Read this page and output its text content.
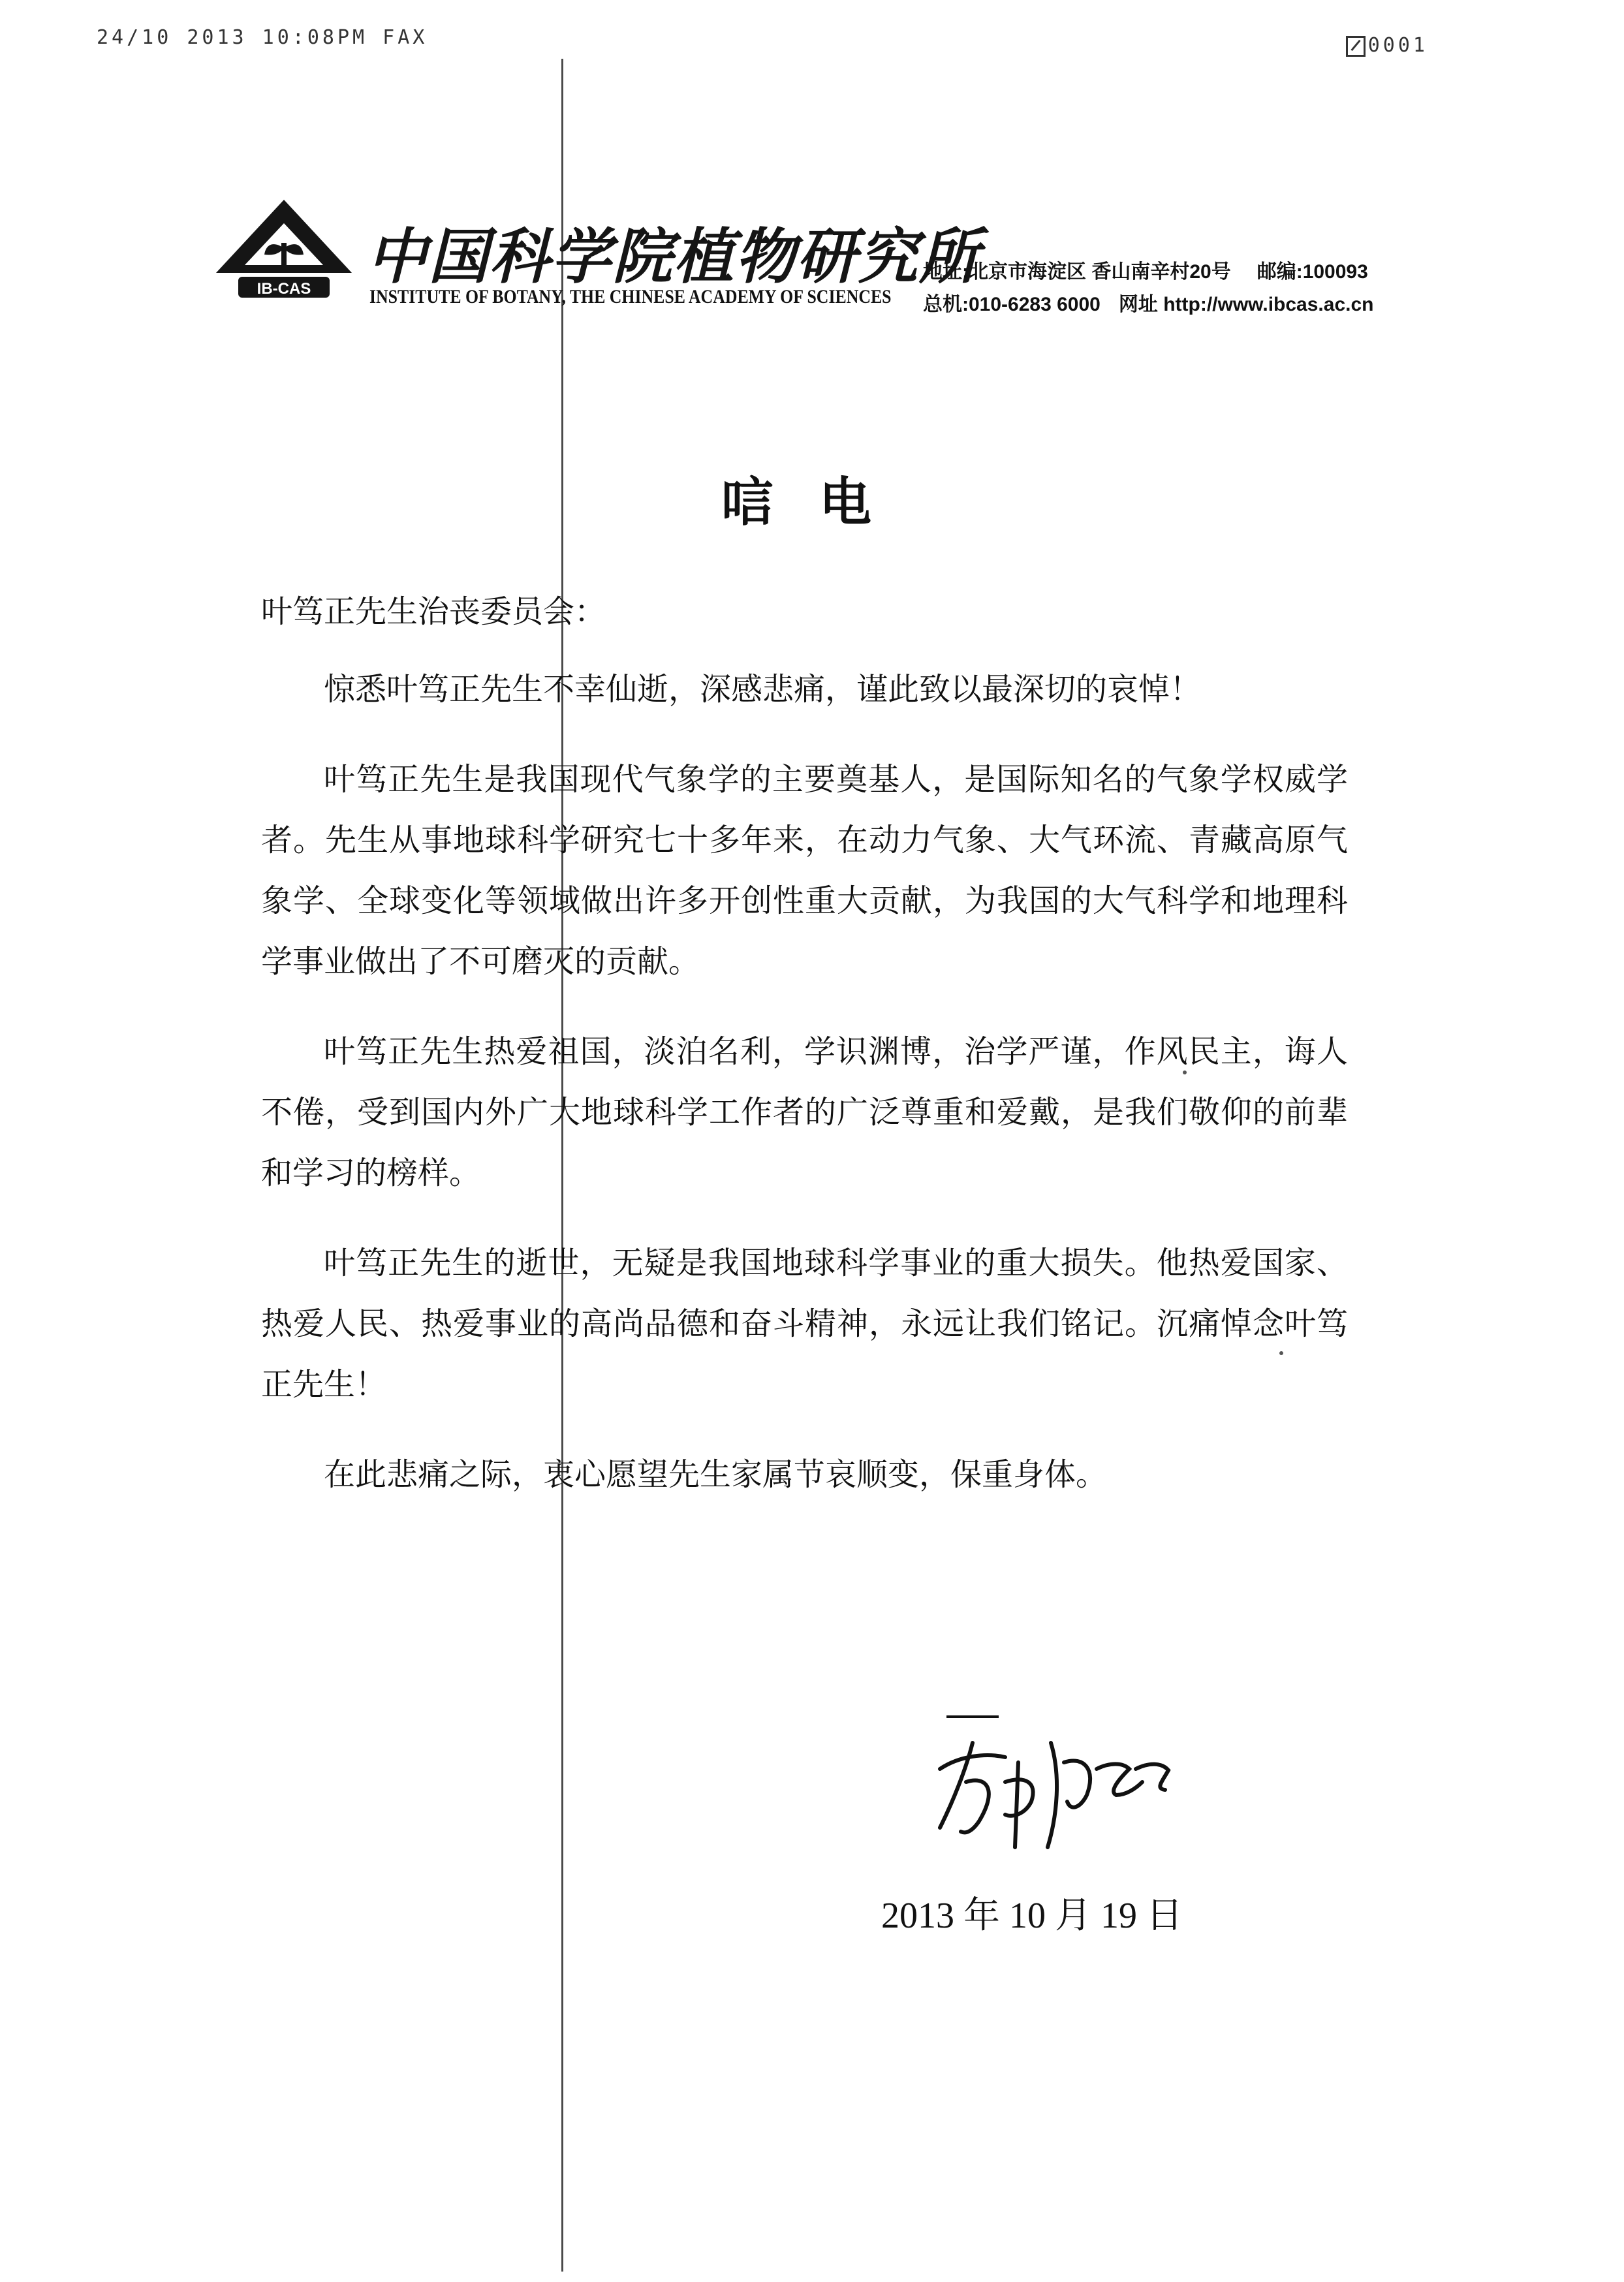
24/10 2013 10:08PM FAX	0001
IB-CAS 中国科学院植物研究所
INSTITUTE OF BOTANY, THE CHINESE ACADEMY OF SCIENCES
地址:北京市海淀区 香山南辛村20号 邮编:100093
总机:010-6283 6000 网址 http://www.ibcas.ac.cn
唁电
叶笃正先生治丧委员会：

惊悉叶笃正先生不幸仙逝，深感悲痛，谨此致以最深切的哀悼！

叶笃正先生是我国现代气象学的主要奠基人，是国际知名的气象学权威学者。先生从事地球科学研究七十多年来，在动力气象、大气环流、青藏高原气象学、全球变化等领域做出许多开创性重大贡献，为我国的大气科学和地理科学事业做出了不可磨灭的贡献。

叶笃正先生热爱祖国，淡泊名利，学识渊博，治学严谨，作风民主，诲人不倦，受到国内外广大地球科学工作者的广泛尊重和爱戴，是我们敬仰的前辈和学习的榜样。

叶笃正先生的逝世，无疑是我国地球科学事业的重大损失。他热爱国家、热爱人民、热爱事业的高尚品德和奋斗精神，永远让我们铭记。沉痛悼念叶笃正先生！

在此悲痛之际，衷心愿望先生家属节哀顺变，保重身体。

2013 年 10 月 19 日
